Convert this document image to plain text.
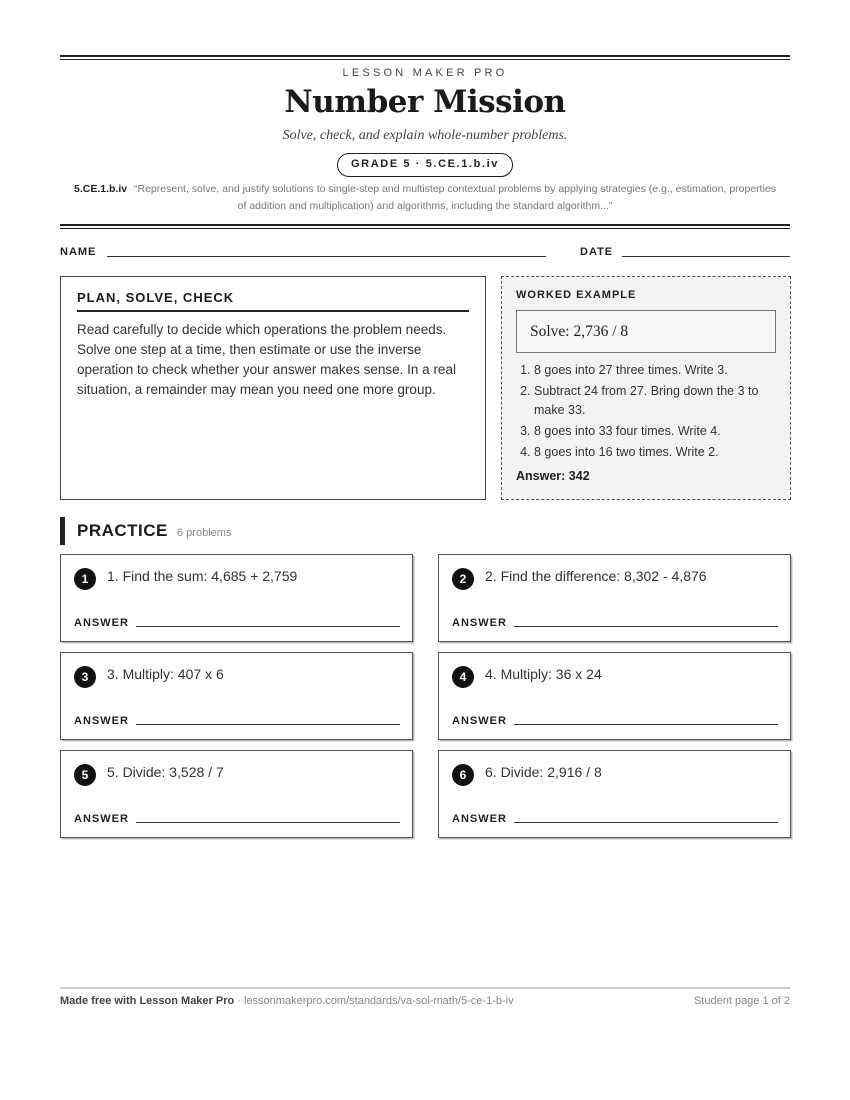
LESSON MAKER PRO
Number Mission
Solve, check, and explain whole-number problems.
GRADE 5 · 5.CE.1.b.iv
5.CE.1.b.iv “Represent, solve, and justify solutions to single-step and multistep contextual problems by applying strategies (e.g., estimation, properties of addition and multiplication) and algorithms, including the standard algorithm...”
NAME	DATE
PLAN, SOLVE, CHECK
Read carefully to decide which operations the problem needs. Solve one step at a time, then estimate or use the inverse operation to check whether your answer makes sense. In a real situation, a remainder may mean you need one more group.
WORKED EXAMPLE
Solve: 2,736 / 8
1. 8 goes into 27 three times. Write 3.
2. Subtract 24 from 27. Bring down the 3 to make 33.
3. 8 goes into 33 four times. Write 4.
4. 8 goes into 16 two times. Write 2.
Answer: 342
PRACTICE 6 problems
1	1. Find the sum: 4,685 + 2,759
ANSWER
2	2. Find the difference: 8,302 - 4,876
ANSWER
3	3. Multiply: 407 x 6
ANSWER
4	4. Multiply: 36 x 24
ANSWER
5	5. Divide: 3,528 / 7
ANSWER
6	6. Divide: 2,916 / 8
ANSWER
Made free with Lesson Maker Pro · lessonmakerpro.com/standards/va-sol-math/5-ce-1-b-iv	Student page 1 of 2
